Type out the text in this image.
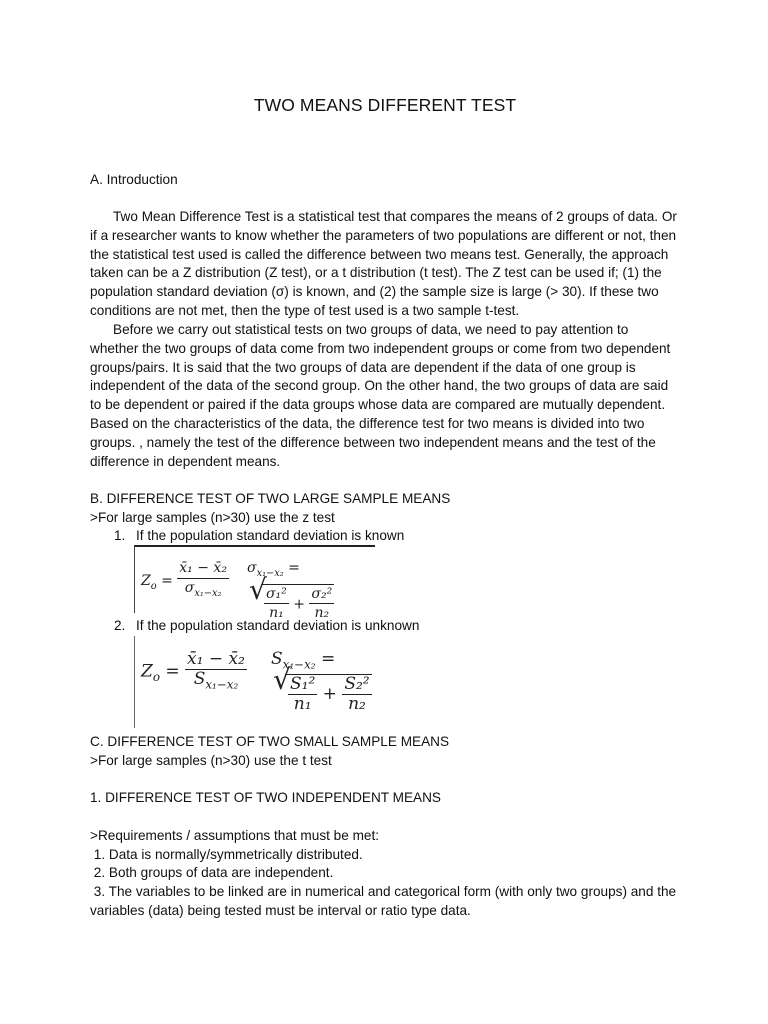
TWO MEANS DIFFERENT TEST

A. Introduction

Two Mean Difference Test is a statistical test that compares the means of 2 groups of data. Or if a researcher wants to know whether the parameters of two populations are different or not, then the statistical test used is called the difference between two means test. Generally, the approach taken can be a Z distribution (Z test), or a t distribution (t test). The Z test can be used if; (1) the population standard deviation (σ) is known, and (2) the sample size is large (> 30). If these two conditions are not met, then the type of test used is a two sample t-test.

Before we carry out statistical tests on two groups of data, we need to pay attention to whether the two groups of data come from two independent groups or come from two dependent groups/pairs. It is said that the two groups of data are dependent if the data of one group is independent of the data of the second group. On the other hand, the two groups of data are said to be dependent or paired if the data groups whose data are compared are mutually dependent. Based on the characteristics of the data, the difference test for two means is divided into two groups. , namely the test of the difference between two independent means and the test of the difference in dependent means.

B. DIFFERENCE TEST OF TWO LARGE SAMPLE MEANS

>For large samples (n>30) use the z test

1. If the population standard deviation is known
$Z_o = \frac{\text{x̄₁ − x̄₂}}{\sigma_{x_1-x_2}} \sigma_{x_1-x_2}$ =
√ $\frac{\text{σ₁²}}{\text{n₁}} + \frac{\text{σ₂²}}{\text{n₂}}$
2. If the population standard deviation is unknown
$Z_o = \frac{\text{x̄₁ − x̄₂}}{S_{x_1-x_2}} S_{x_1-x_2}$ =
√ $\frac{\text{S₁²}}{\text{n₁}} + \frac{\text{S₂²}}{\text{n₂}}$

C. DIFFERENCE TEST OF TWO SMALL SAMPLE MEANS

>For large samples (n>30) use the t test

1. DIFFERENCE TEST OF TWO INDEPENDENT MEANS

>Requirements / assumptions that must be met:

1. Data is normally/symmetrically distributed.

2. Both groups of data are independent.

3. The variables to be linked are in numerical and categorical form (with only two groups) and the variables (data) being tested must be interval or ratio type data.
